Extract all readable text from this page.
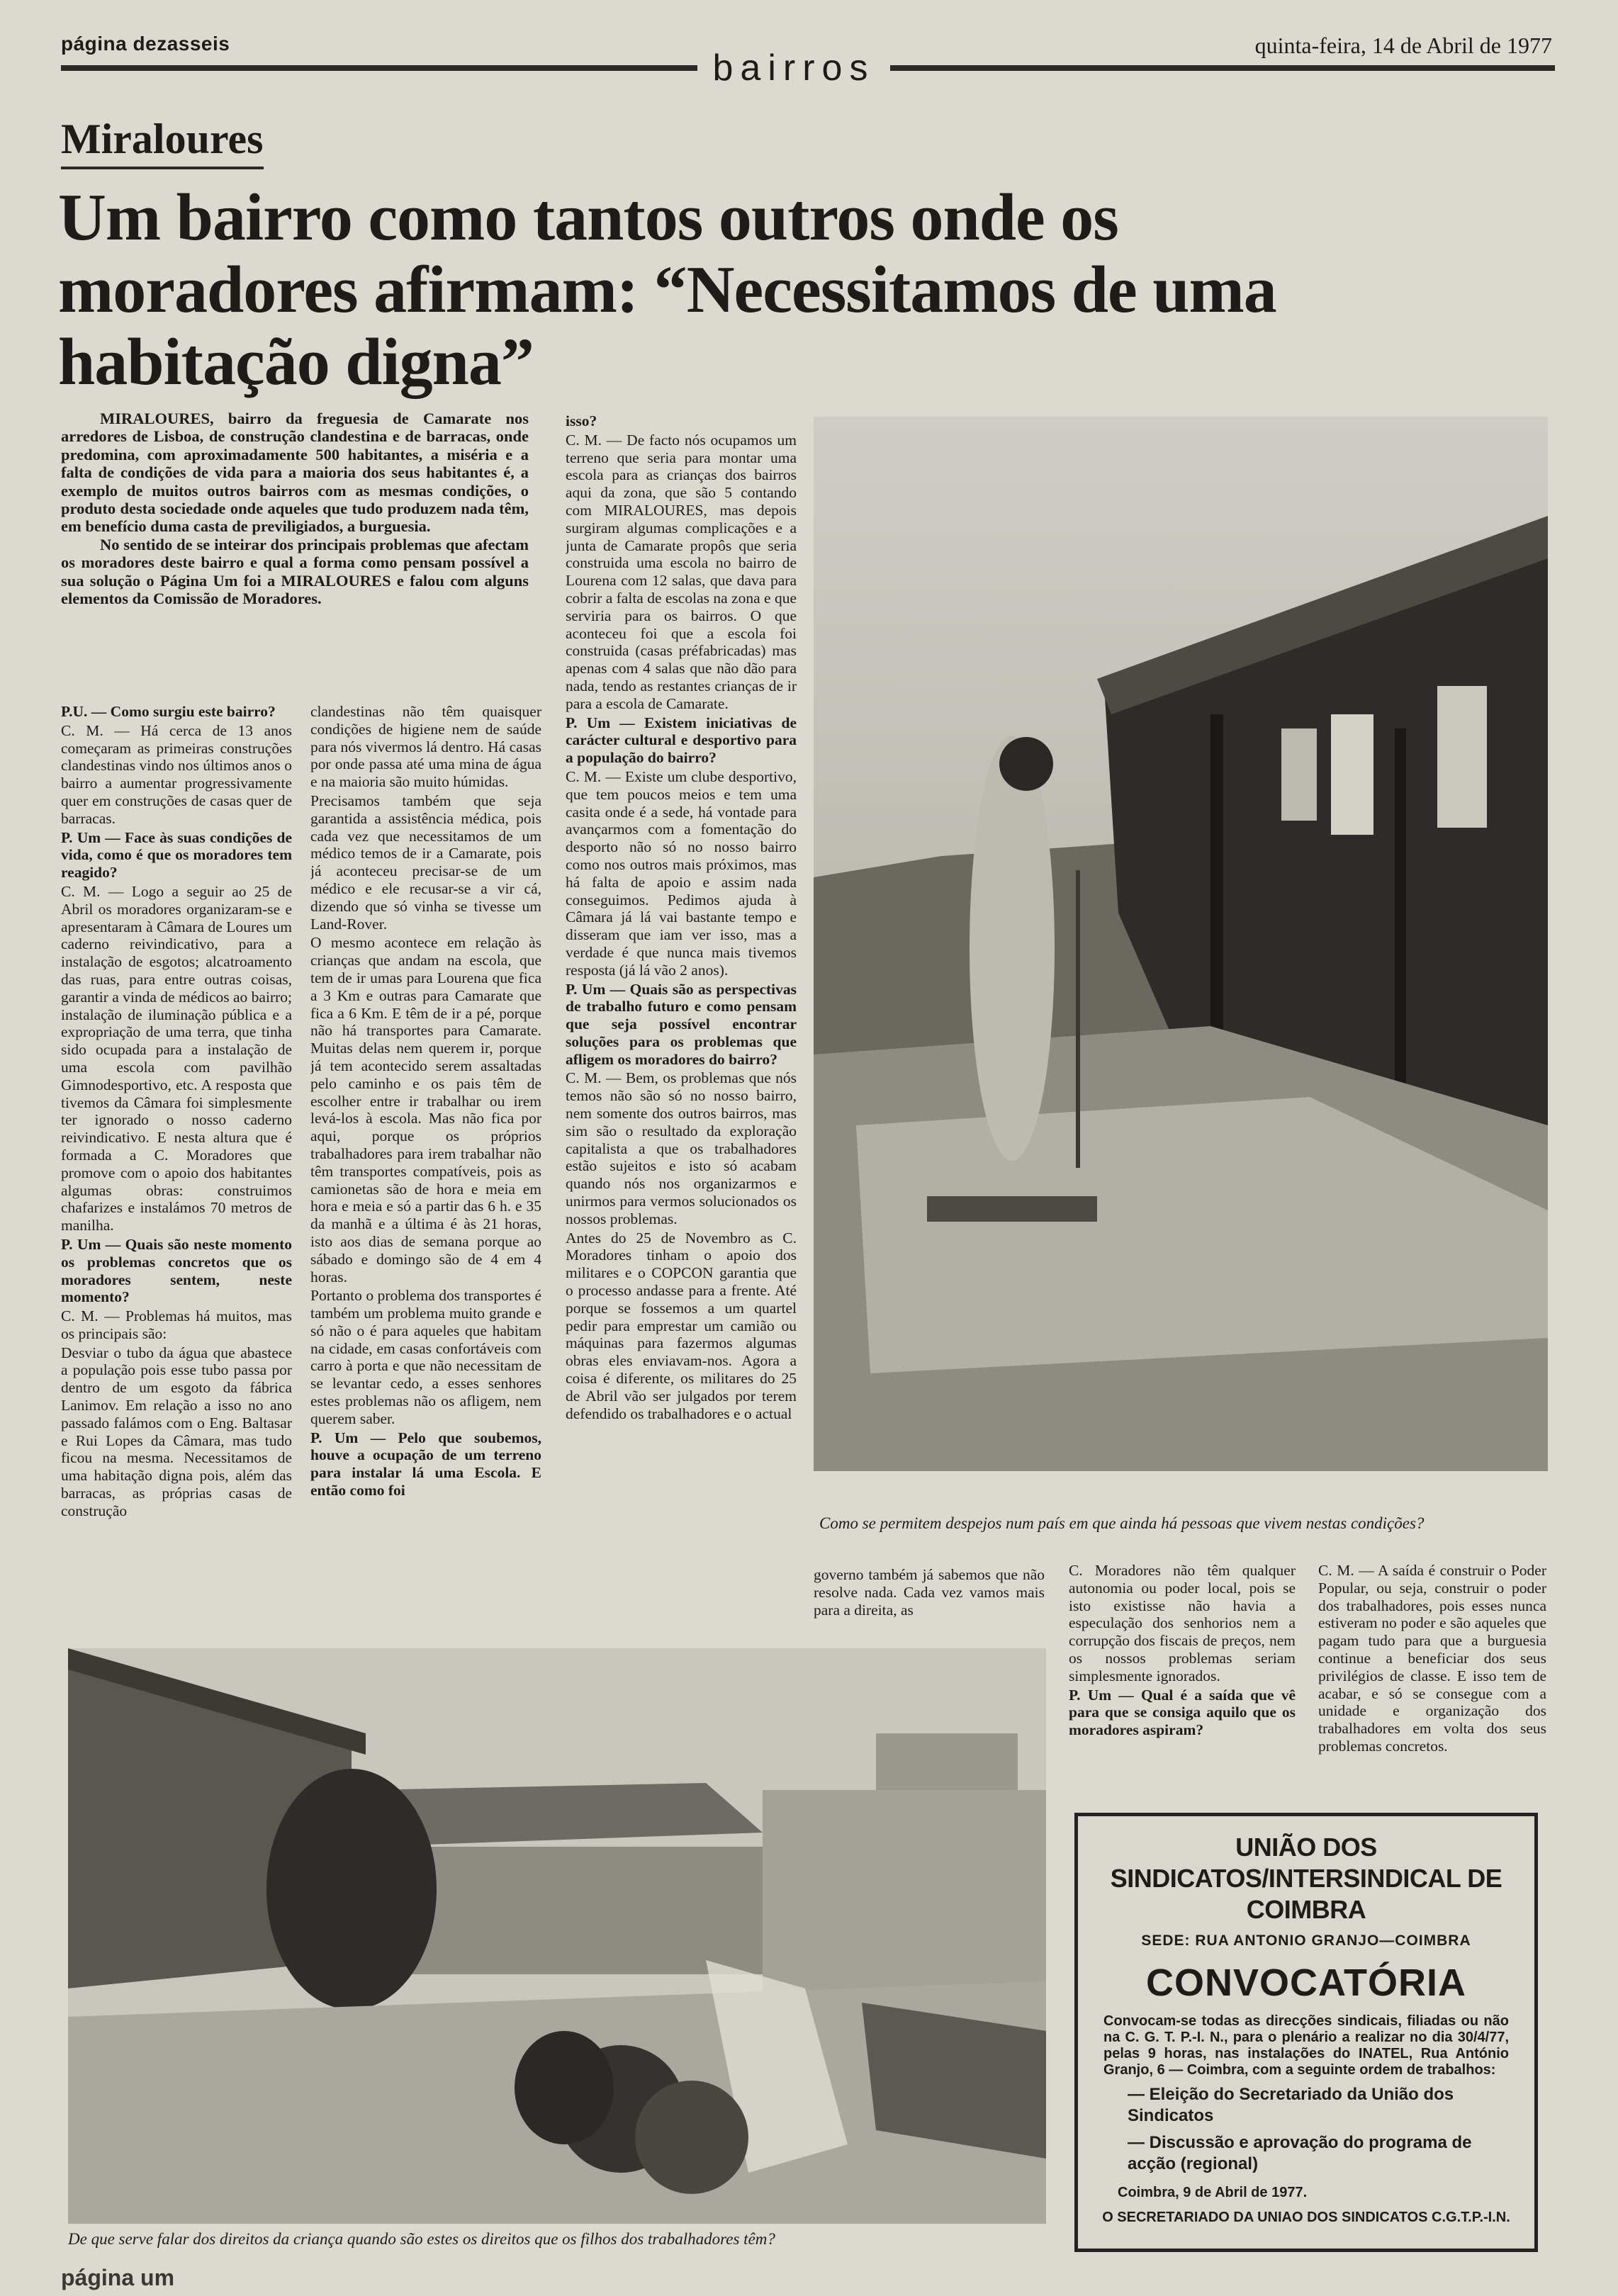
página dezasseis
bairros
quinta-feira, 14 de Abril de 1977
Miraloures
Um bairro como tantos outros onde os moradores afirmam: “Necessitamos de uma habitação digna”

MIRALOURES, bairro da freguesia de Camarate nos arredores de Lisboa, de construção clandestina e de barracas, onde predomina, com aproximadamente 500 habitantes, a miséria e a falta de condições de vida para a maioria dos seus habitantes é, a exemplo de muitos outros bairros com as mesmas condições, o produto desta sociedade onde aqueles que tudo produzem nada têm, em benefício duma casta de previligiados, a burguesia.

No sentido de se inteirar dos principais problemas que afectam os moradores deste bairro e qual a forma como pensam possível a sua solução o Página Um foi a MIRALOURES e falou com alguns elementos da Comissão de Moradores.

P.U. — Como surgiu este bairro?

C. M. — Há cerca de 13 anos começaram as primeiras construções clandestinas vindo nos últimos anos o bairro a aumentar progressivamente quer em construções de casas quer de barracas.

P. Um — Face às suas condições de vida, como é que os moradores tem reagido?

C. M. — Logo a seguir ao 25 de Abril os moradores organizaram-se e apresentaram à Câmara de Loures um caderno reivindicativo, para a instalação de esgotos; alcatroamento das ruas, para entre outras coisas, garantir a vinda de médicos ao bairro; instalação de iluminação pública e a expropriação de uma terra, que tinha sido ocupada para a instalação de uma escola com pavilhão Gimnodesportivo, etc. A resposta que tivemos da Câmara foi simplesmente ter ignorado o nosso caderno reivindicativo. E nesta altura que é formada a C. Moradores que promove com o apoio dos habitantes algumas obras: construimos chafarizes e instalámos 70 metros de manilha.

P. Um — Quais são neste momento os problemas concretos que os moradores sentem, neste momento?

C. M. — Problemas há muitos, mas os principais são:

Desviar o tubo da água que abastece a população pois esse tubo passa por dentro de um esgoto da fábrica Lanimov. Em relação a isso no ano passado falámos com o Eng. Baltasar e Rui Lopes da Câmara, mas tudo ficou na mesma. Necessitamos de uma habitação digna pois, além das barracas, as próprias casas de construção

clandestinas não têm quaisquer condições de higiene nem de saúde para nós vivermos lá dentro. Há casas por onde passa até uma mina de água e na maioria são muito húmidas.

Precisamos também que seja garantida a assistência médica, pois cada vez que necessitamos de um médico temos de ir a Camarate, pois já aconteceu precisar-se de um médico e ele recusar-se a vir cá, dizendo que só vinha se tivesse um Land-Rover.

O mesmo acontece em relação às crianças que andam na escola, que tem de ir umas para Lourena que fica a 3 Km e outras para Camarate que fica a 6 Km. E têm de ir a pé, porque não há transportes para Camarate. Muitas delas nem querem ir, porque já tem acontecido serem assaltadas pelo caminho e os pais têm de escolher entre ir trabalhar ou irem levá-los à escola. Mas não fica por aqui, porque os próprios trabalhadores para irem trabalhar não têm transportes compatíveis, pois as camionetas são de hora e meia em hora e meia e só a partir das 6 h. e 35 da manhã e a última é às 21 horas, isto aos dias de semana porque ao sábado e domingo são de 4 em 4 horas.

Portanto o problema dos transportes é também um problema muito grande e só não o é para aqueles que habitam na cidade, em casas confortáveis com carro à porta e que não necessitam de se levantar cedo, a esses senhores estes problemas não os afligem, nem querem saber.

P. Um — Pelo que soubemos, houve a ocupação de um terreno para instalar lá uma Escola. E então como foi

isso?

C. M. — De facto nós ocupamos um terreno que seria para montar uma escola para as crianças dos bairros aqui da zona, que são 5 contando com MIRALOURES, mas depois surgiram algumas complicações e a junta de Camarate propôs que seria construida uma escola no bairro de Lourena com 12 salas, que dava para cobrir a falta de escolas na zona e que serviria para os bairros. O que aconteceu foi que a escola foi construida (casas préfabricadas) mas apenas com 4 salas que não dão para nada, tendo as restantes crianças de ir para a escola de Camarate.

P. Um — Existem iniciativas de carácter cultural e desportivo para a população do bairro?

C. M. — Existe um clube desportivo, que tem poucos meios e tem uma casita onde é a sede, há vontade para avançarmos com a fomentação do desporto não só no nosso bairro como nos outros mais próximos, mas há falta de apoio e assim nada conseguimos. Pedimos ajuda à Câmara já lá vai bastante tempo e disseram que iam ver isso, mas a verdade é que nunca mais tivemos resposta (já lá vão 2 anos).

P. Um — Quais são as perspectivas de trabalho futuro e como pensam que seja possível encontrar soluções para os problemas que afligem os moradores do bairro?

C. M. — Bem, os problemas que nós temos não são só no nosso bairro, nem somente dos outros bairros, mas sim são o resultado da exploração capitalista a que os trabalhadores estão sujeitos e isto só acabam quando nós nos organizarmos e unirmos para vermos solucionados os nossos problemas.

Antes do 25 de Novembro as C. Moradores tinham o apoio dos militares e o COPCON garantia que o processo andasse para a frente. Até porque se fossemos a um quartel pedir para emprestar um camião ou máquinas para fazermos algumas obras eles enviavam-nos. Agora a coisa é diferente, os militares do 25 de Abril vão ser julgados por terem defendido os trabalhadores e o actual

governo também já sabemos que não resolve nada. Cada vez vamos mais para a direita, as

C. Moradores não têm qualquer autonomia ou poder local, pois se isto existisse não havia a especulação dos senhorios nem a corrupção dos fiscais de preços, nem os nossos problemas seriam simplesmente ignorados.

P. Um — Qual é a saída que vê para que se consiga aquilo que os moradores aspiram?

C. M. — A saída é construir o Poder Popular, ou seja, construir o poder dos trabalhadores, pois esses nunca estiveram no poder e são aqueles que pagam tudo para que a burguesia continue a beneficiar dos seus privilégios de classe. E isso tem de acabar, e só se consegue com a unidade e organização dos trabalhadores em volta dos seus problemas concretos.

Como se permitem despejos num país em que ainda há pessoas que vivem nestas condições?
De que serve falar dos direitos da criança quando são estes os direitos que os filhos dos trabalhadores têm?
UNIÃO DOS SINDICATOS/INTERSINDICAL DE COIMBRA
SEDE: RUA ANTONIO GRANJO—COIMBRA
CONVOCATÓRIA
Convocam-se todas as direcções sindicais, filiadas ou não na C. G. T. P.-I. N., para o plenário a realizar no dia 30/4/77, pelas 9 horas, nas instalações do INATEL, Rua António Granjo, 6 — Coimbra, com a seguinte ordem de trabalhos:
— Eleição do Secretariado da União dos Sindicatos
— Discussão e aprovação do programa de acção (regional)
Coimbra, 9 de Abril de 1977.
O SECRETARIADO DA UNIAO DOS SINDICATOS C.G.T.P.-I.N.
página um
